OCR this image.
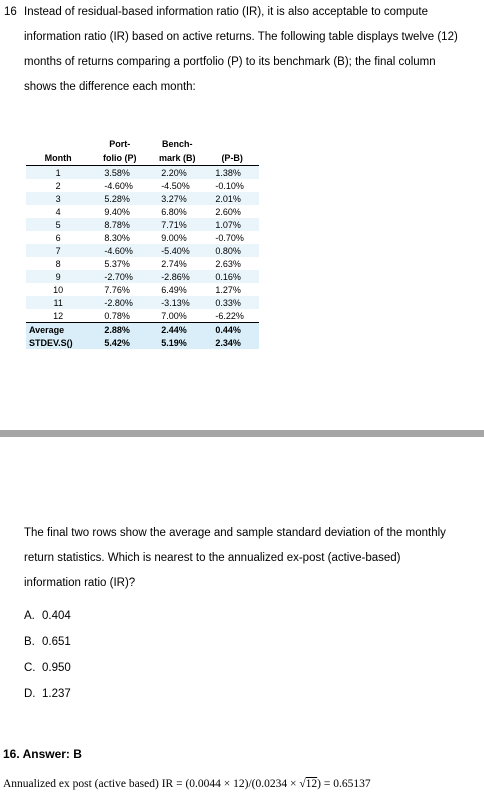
16 Instead of residual-based information ratio (IR), it is also acceptable to compute
information ratio (IR) based on active returns. The following table displays twelve (12)
months of returns comparing a portfolio (P) to its benchmark (B); the final column
shows the difference each month:
	Port-	Bench-	
Month	folio (P)	mark (B)	(P-B)
1	3.58%	2.20%	1.38%
2	-4.60%	-4.50%	-0.10%
3	5.28%	3.27%	2.01%
4	9.40%	6.80%	2.60%
5	8.78%	7.71%	1.07%
6	8.30%	9.00%	-0.70%
7	-4.60%	-5.40%	0.80%
8	5.37%	2.74%	2.63%
9	-2.70%	-2.86%	0.16%
10	7.76%	6.49%	1.27%
11	-2.80%	-3.13%	0.33%
12	0.78%	7.00%	-6.22%
Average	2.88%	2.44%	0.44%
STDEV.S()	5.42%	5.19%	2.34%
The final two rows show the average and sample standard deviation of the monthly
return statistics. Which is nearest to the annualized ex-post (active-based)
information ratio (IR)?
A. 0.404
B. 0.651
C. 0.950
D. 1.237
16. Answer: B
Annualized ex post (active based) IR = (0.0044 × 12)/(0.0234 × √12) = 0.65137
